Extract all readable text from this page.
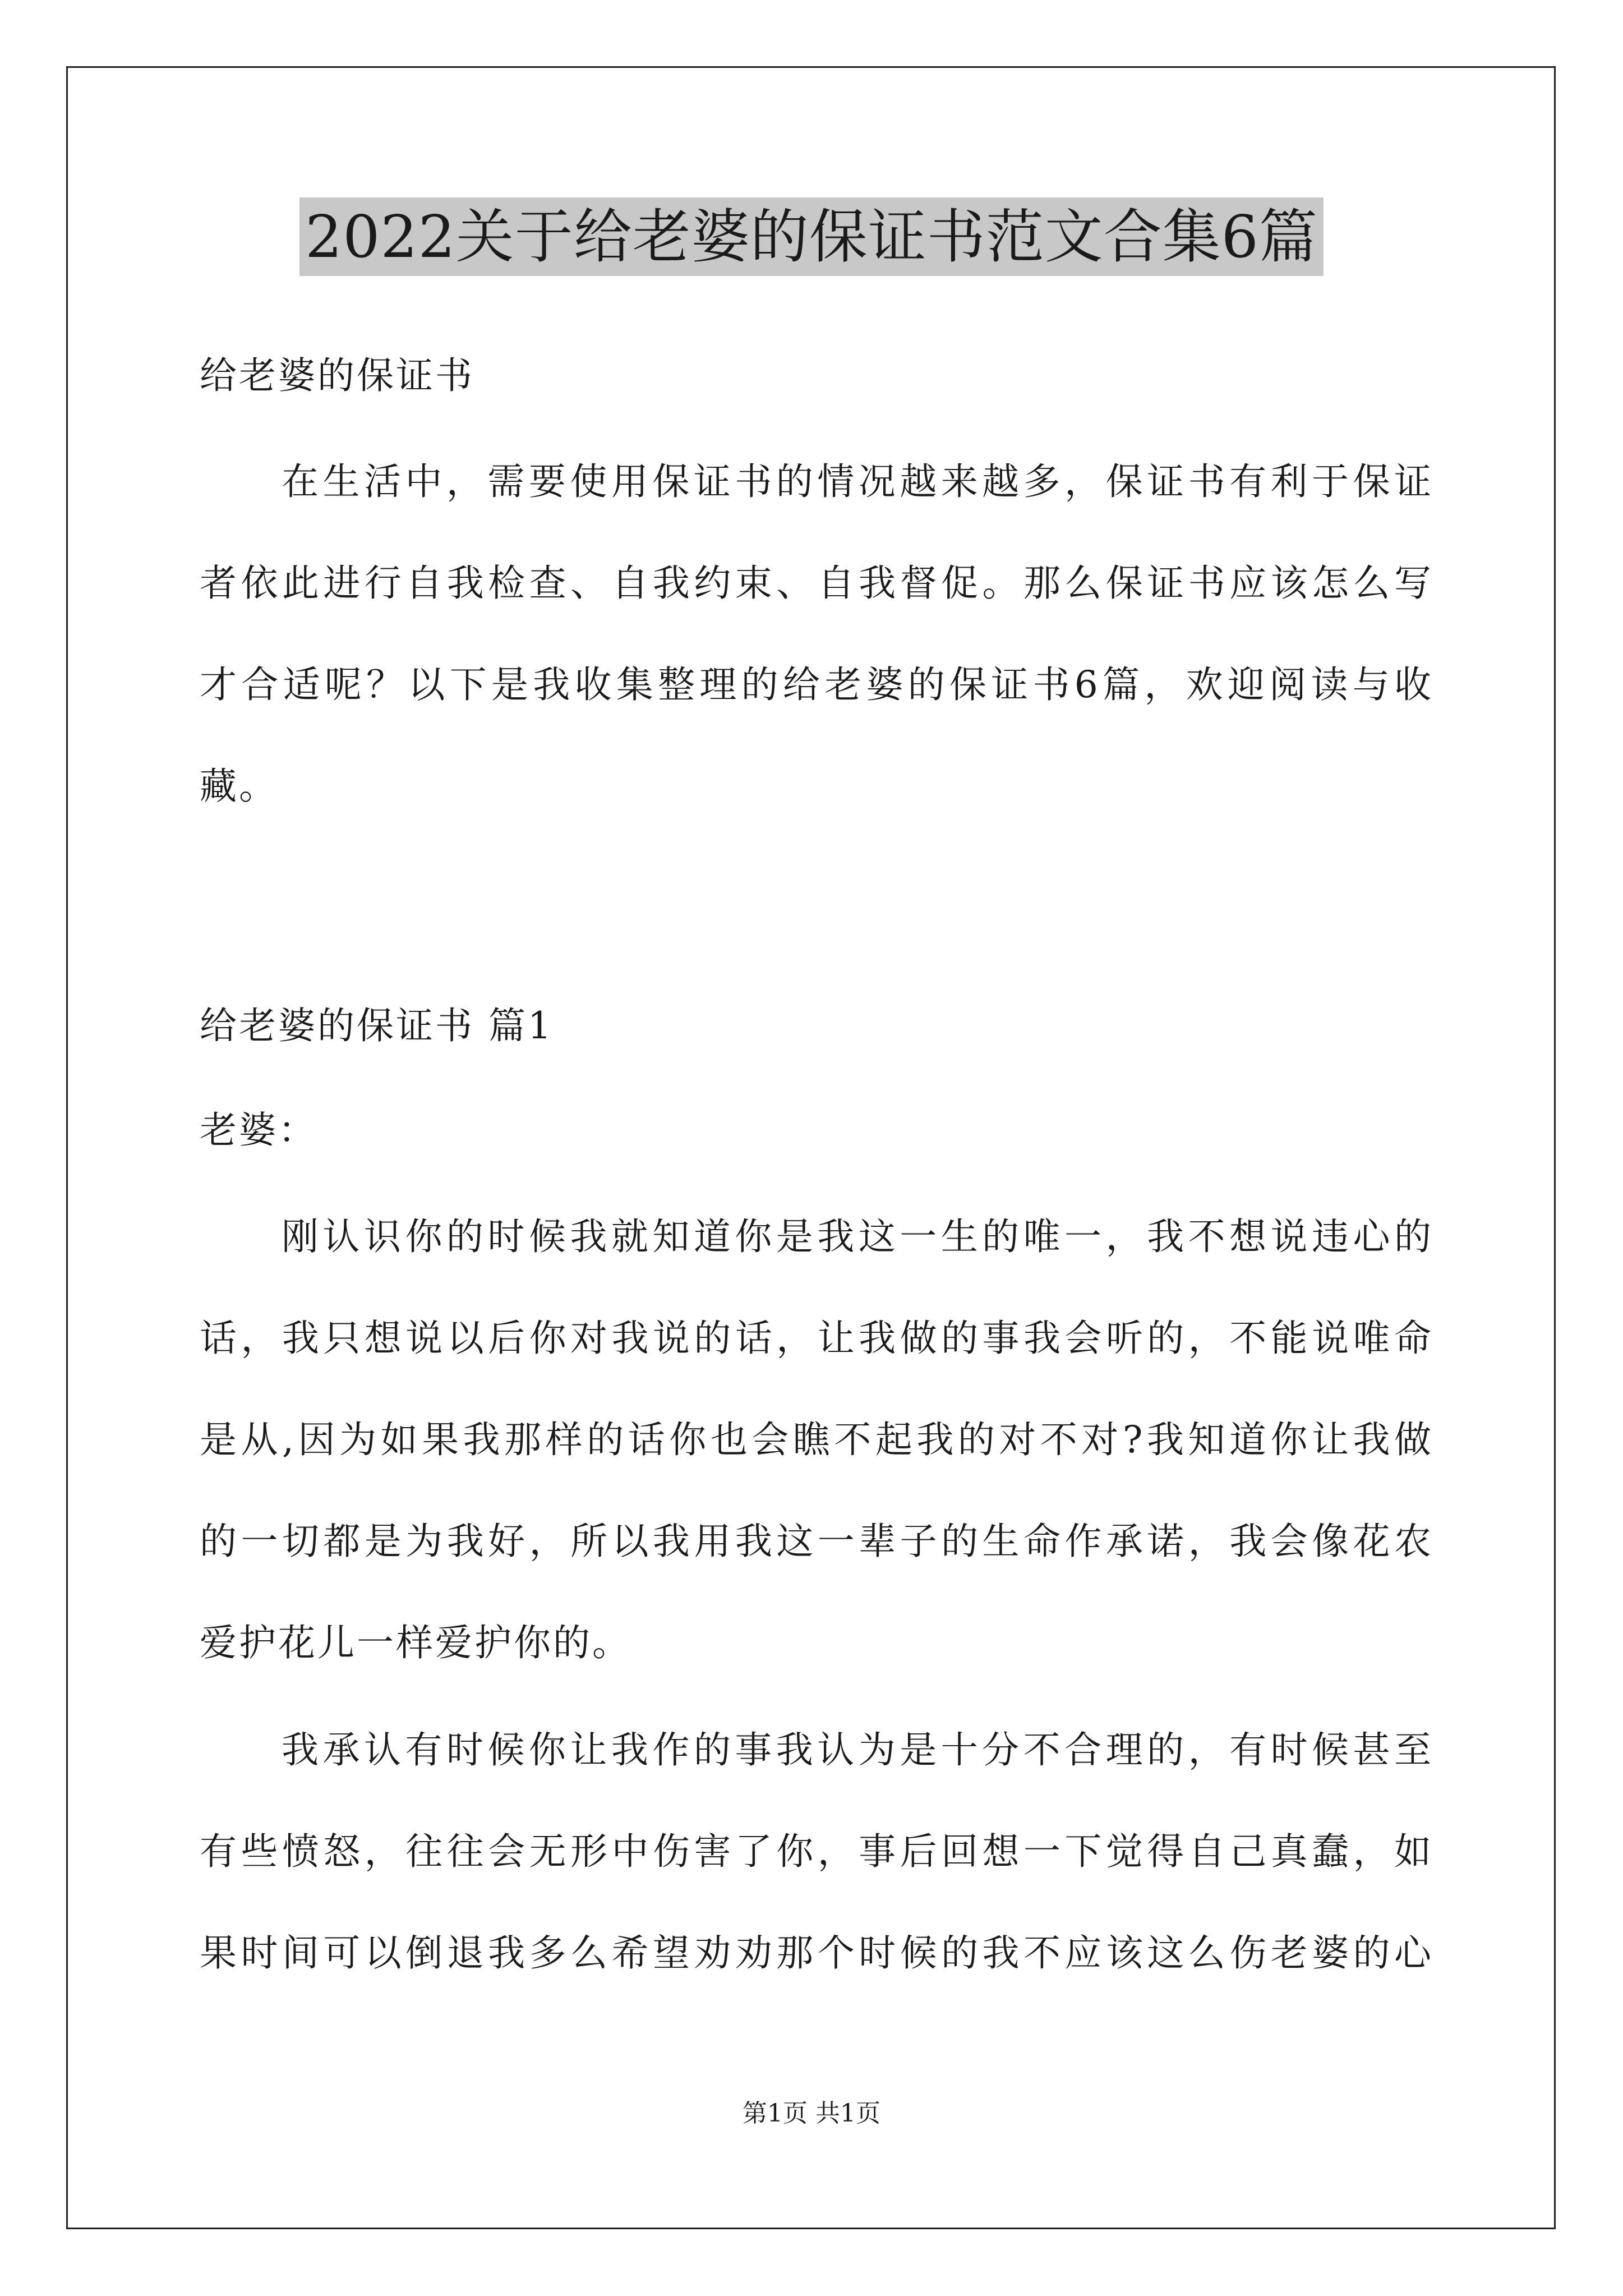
2022关于给老婆的保证书范文合集6篇
给老婆的保证书
在生活中，需要使用保证书的情况越来越多，保证书有利于保证
者依此进行自我检查、自我约束、自我督促。那么保证书应该怎么写
才合适呢？以下是我收集整理的给老婆的保证书6篇，欢迎阅读与收
藏。
给老婆的保证书 篇1
老婆：
刚认识你的时候我就知道你是我这一生的唯一，我不想说违心的
话，我只想说以后你对我说的话，让我做的事我会听的，不能说唯命
是从,因为如果我那样的话你也会瞧不起我的对不对?我知道你让我做
的一切都是为我好，所以我用我这一辈子的生命作承诺，我会像花农
爱护花儿一样爱护你的。
我承认有时候你让我作的事我认为是十分不合理的，有时候甚至
有些愤怒，往往会无形中伤害了你，事后回想一下觉得自己真蠢，如
果时间可以倒退我多么希望劝劝那个时候的我不应该这么伤老婆的心
第1页 共1页
